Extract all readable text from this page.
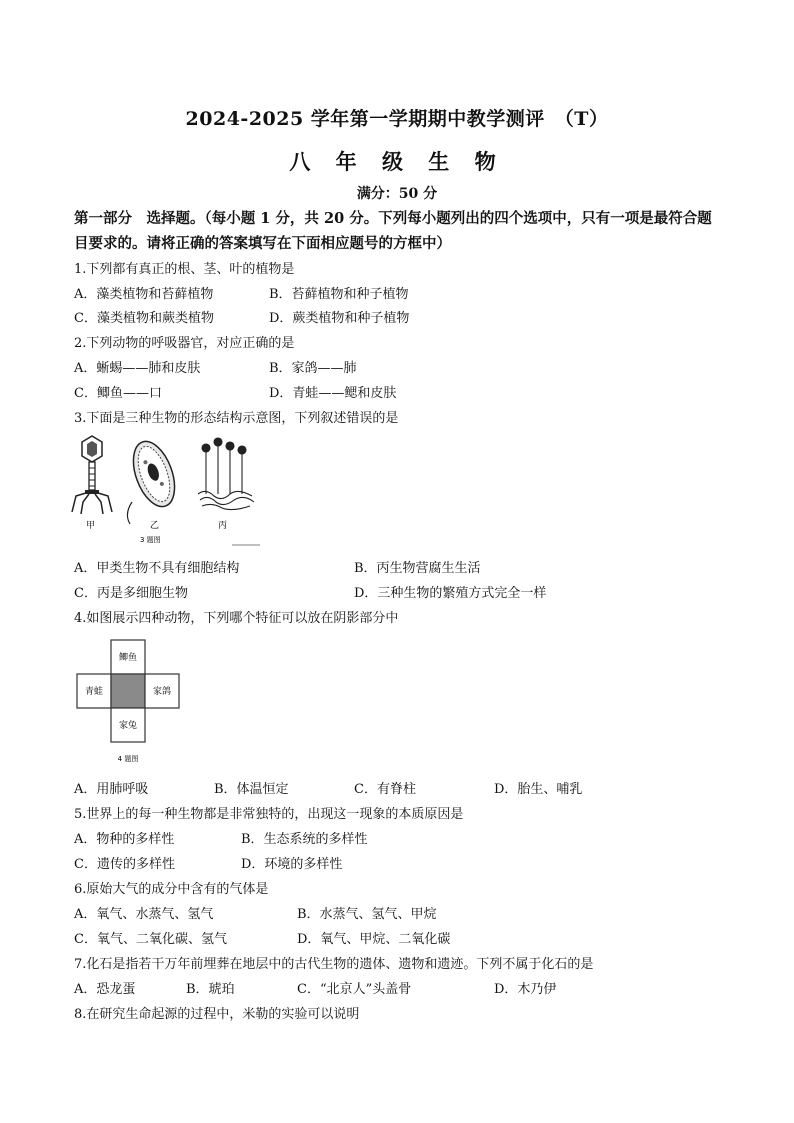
2024-2025 学年第一学期期中教学测评　（T）
八 年 级 生 物
满分：50 分
第一部分　选择题。（每小题 1 分，共 20 分。下列每小题列出的四个选项中，只有一项是最符合题目要求的。请将正确的答案填写在下面相应题号的方框中）
1.下列都有真正的根、茎、叶的植物是
A．藻类植物和苔藓植物	B．苔藓植物和种子植物
C．藻类植物和蕨类植物	D．蕨类植物和种子植物
2.下列动物的呼吸器官，对应正确的是
A．蜥蜴——肺和皮肤	B．家鸽——肺
C．鲫鱼——口	D．青蛙——鳃和皮肤
3.下面是三种生物的形态结构示意图，下列叙述错误的是
甲	乙
3 题图
丙
A．甲类生物不具有细胞结构	B．丙生物营腐生生活
C．丙是多细胞生物	D．三种生物的繁殖方式完全一样
4.如图展示四种动物，下列哪个特征可以放在阴影部分中
鲫鱼
青蛙	家鸽
家兔
4 题图
A．用肺呼吸	B．体温恒定	C．有脊柱	D．胎生、哺乳
5.世界上的每一种生物都是非常独特的，出现这一现象的本质原因是
A．物种的多样性	B．生态系统的多样性
C．遗传的多样性	D．环境的多样性
6.原始大气的成分中含有的气体是
A．氧气、水蒸气、氢气	B．水蒸气、氢气、甲烷
C．氧气、二氧化碳、氢气	D．氧气、甲烷、二氧化碳
7.化石是指若干万年前埋葬在地层中的古代生物的遗体、遗物和遗迹。下列不属于化石的是
A．恐龙蛋	B．琥珀	C．“北京人”头盖骨	D．木乃伊
8.在研究生命起源的过程中，米勒的实验可以说明
